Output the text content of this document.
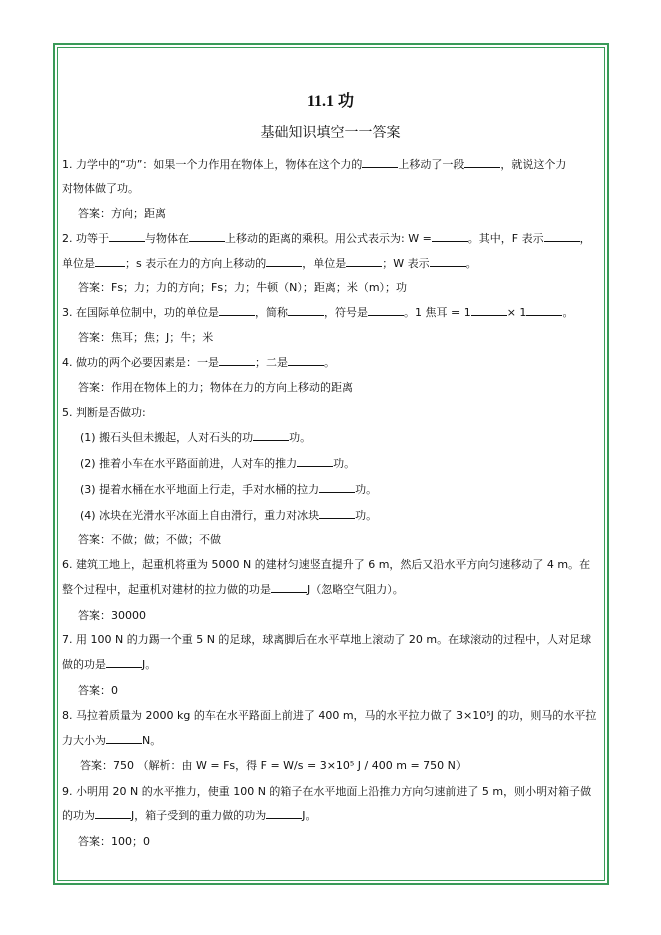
11.1 功
基础知识填空一一答案
1. 力学中的“功”：如果一个力作用在物体上，物体在这个力的	上移动了一段	，就说这个力
对物体做了功。
答案：方向；距离
2. 功等于	与物体在	上移动的距离的乘积。用公式表示为: W =	。其中，F 表示	，
单位是	；s 表示在力的方向上移动的	，单位是	；W 表示	。
答案：Fs；力；力的方向；Fs；力；牛顿（N）；距离；米（m）；功
3. 在国际单位制中，功的单位是	，简称	，符号是	。1 焦耳 = 1	× 1	。
答案：焦耳；焦；J；牛；米
4. 做功的两个必要因素是：一是	；二是	。
答案：作用在物体上的力；物体在力的方向上移动的距离
5. 判断是否做功:
(1) 搬石头但未搬起，人对石头的功	功。
(2) 推着小车在水平路面前进，人对车的推力	功。
(3) 提着水桶在水平地面上行走，手对水桶的拉力	功。
(4) 冰块在光滑水平冰面上自由滑行，重力对冰块	功。
答案：不做；做；不做；不做
6. 建筑工地上，起重机将重为 5000 N 的建材匀速竖直提升了 6 m，然后又沿水平方向匀速移动了 4 m。在
整个过程中，起重机对建材的拉力做的功是	J（忽略空气阻力）。
答案：30000
7. 用 100 N 的力踢一个重 5 N 的足球，球离脚后在水平草地上滚动了 20 m。在球滚动的过程中，人对足球
做的功是	J。
答案：0
8. 马拉着质量为 2000 kg 的车在水平路面上前进了 400 m，马的水平拉力做了 3×10⁵J 的功，则马的水平拉
力大小为	N。
答案：750 （解析：由 W = Fs，得 F = W/s = 3×10⁵ J / 400 m = 750 N）
9. 小明用 20 N 的水平推力，使重 100 N 的箱子在水平地面上沿推力方向匀速前进了 5 m，则小明对箱子做
的功为	J，箱子受到的重力做的功为	J。
答案：100；0
